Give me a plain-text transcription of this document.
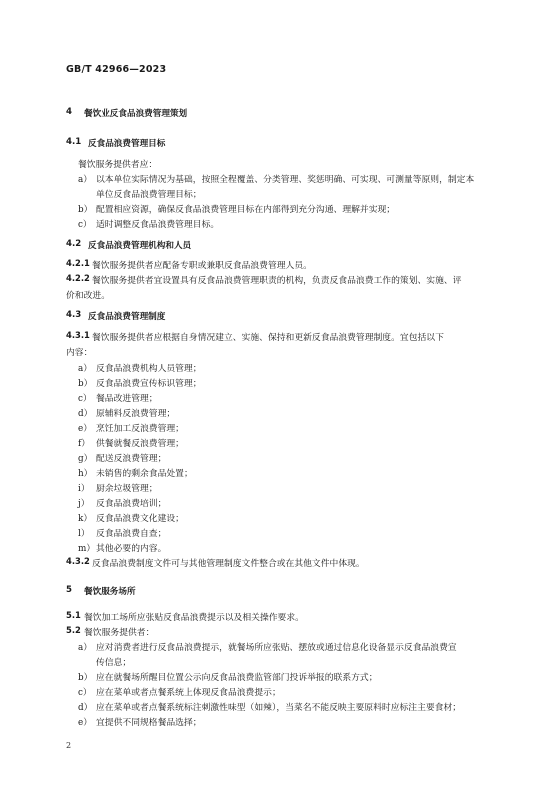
GB/T 42966—2023
4 餐饮业反食品浪费管理策划
4.1 反食品浪费管理目标
餐饮服务提供者应：
a） 以本单位实际情况为基础，按照全程覆盖、分类管理、奖惩明确、可实现、可测量等原则，制定本
单位反食品浪费管理目标；
b） 配置相应资源，确保反食品浪费管理目标在内部得到充分沟通、理解并实现；
c） 适时调整反食品浪费管理目标。
4.2 反食品浪费管理机构和人员
4.2.1 餐饮服务提供者应配备专职或兼职反食品浪费管理人员。
4.2.2 餐饮服务提供者宜设置具有反食品浪费管理职责的机构，负责反食品浪费工作的策划、实施、评
价和改进。
4.3 反食品浪费管理制度
4.3.1 餐饮服务提供者应根据自身情况建立、实施、保持和更新反食品浪费管理制度。宜包括以下
内容：
a） 反食品浪费机构人员管理；
b） 反食品浪费宣传标识管理；
c） 餐品改进管理；
d） 原辅料反浪费管理；
e） 烹饪加工反浪费管理；
f） 供餐就餐反浪费管理；
g） 配送反浪费管理；
h） 未销售的剩余食品处置；
i） 厨余垃圾管理；
j） 反食品浪费培训；
k） 反食品浪费文化建设；
l） 反食品浪费自查；
m） 其他必要的内容。
4.3.2 反食品浪费制度文件可与其他管理制度文件整合或在其他文件中体现。
5 餐饮服务场所
5.1 餐饮加工场所应张贴反食品浪费提示以及相关操作要求。
5.2 餐饮服务提供者：
a） 应对消费者进行反食品浪费提示，就餐场所应张贴、摆放或通过信息化设备显示反食品浪费宣
传信息；
b） 应在就餐场所醒目位置公示向反食品浪费监管部门投诉举报的联系方式；
c） 应在菜单或者点餐系统上体现反食品浪费提示；
d） 应在菜单或者点餐系统标注刺激性味型（如辣），当菜名不能反映主要原料时应标注主要食材；
e） 宜提供不同规格餐品选择；
2
